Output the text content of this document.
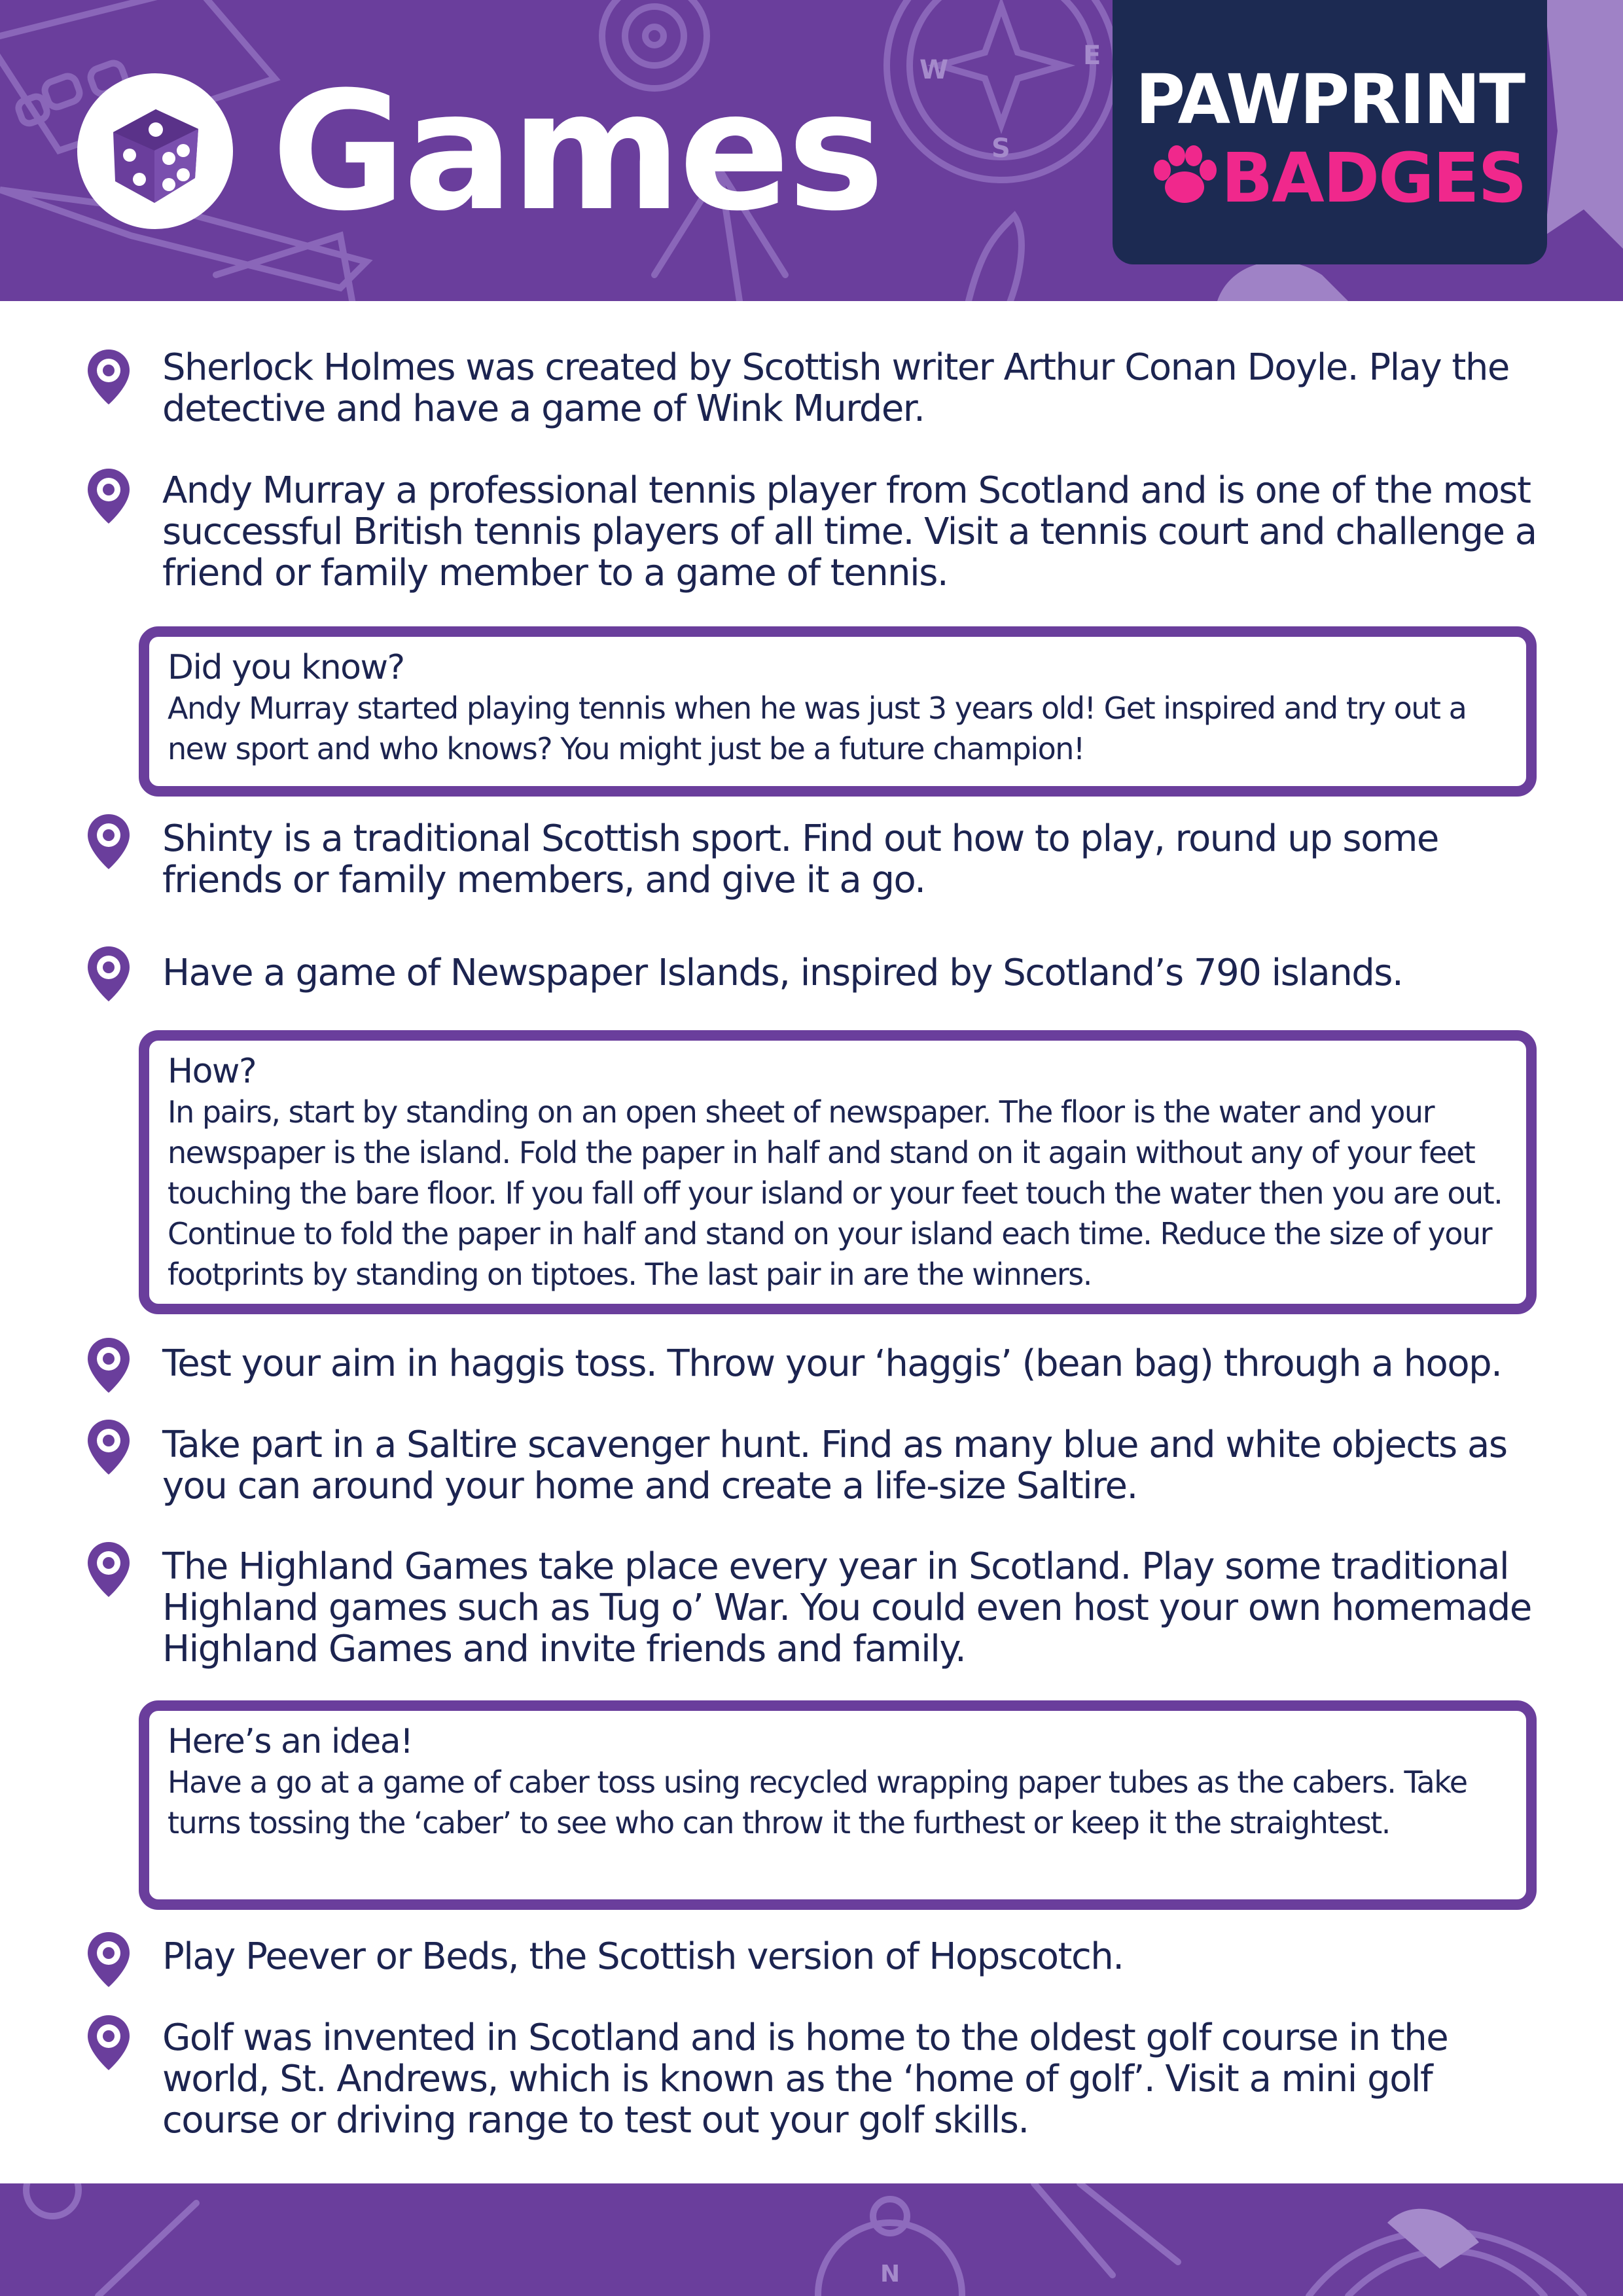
W	E
S
Games	PAWPRINT
BADGES

Sherlock Holmes was created by Scottish writer Arthur Conan Doyle. Play the detective and have a game of Wink Murder.

Andy Murray a professional tennis player from Scotland and is one of the most successful British tennis players of all time. Visit a tennis court and challenge a friend or family member to a game of tennis.

Did you know?

Andy Murray started playing tennis when he was just 3 years old! Get inspired and try out a new sport and who knows? You might just be a future champion!

Shinty is a traditional Scottish sport. Find out how to play, round up some friends or family members, and give it a go.

Have a game of Newspaper Islands, inspired by Scotland’s 790 islands.

How?

In pairs, start by standing on an open sheet of newspaper. The floor is the water and your newspaper is the island. Fold the paper in half and stand on it again without any of your feet touching the bare floor. If you fall off your island or your feet touch the water then you are out. Continue to fold the paper in half and stand on your island each time. Reduce the size of your footprints by standing on tiptoes. The last pair in are the winners.

Test your aim in haggis toss. Throw your ‘haggis’ (bean bag) through a hoop.

Take part in a Saltire scavenger hunt. Find as many blue and white objects as you can around your home and create a life-size Saltire.

The Highland Games take place every year in Scotland. Play some traditional Highland games such as Tug o’ War. You could even host your own homemade Highland Games and invite friends and family.

Here’s an idea!

Have a go at a game of caber toss using recycled wrapping paper tubes as the cabers. Take turns tossing the ‘caber’ to see who can throw it the furthest or keep it the straightest.

Play Peever or Beds, the Scottish version of Hopscotch.

Golf was invented in Scotland and is home to the oldest golf course in the world, St. Andrews, which is known as the ‘home of golf’. Visit a mini golf course or driving range to test out your golf skills.

N
